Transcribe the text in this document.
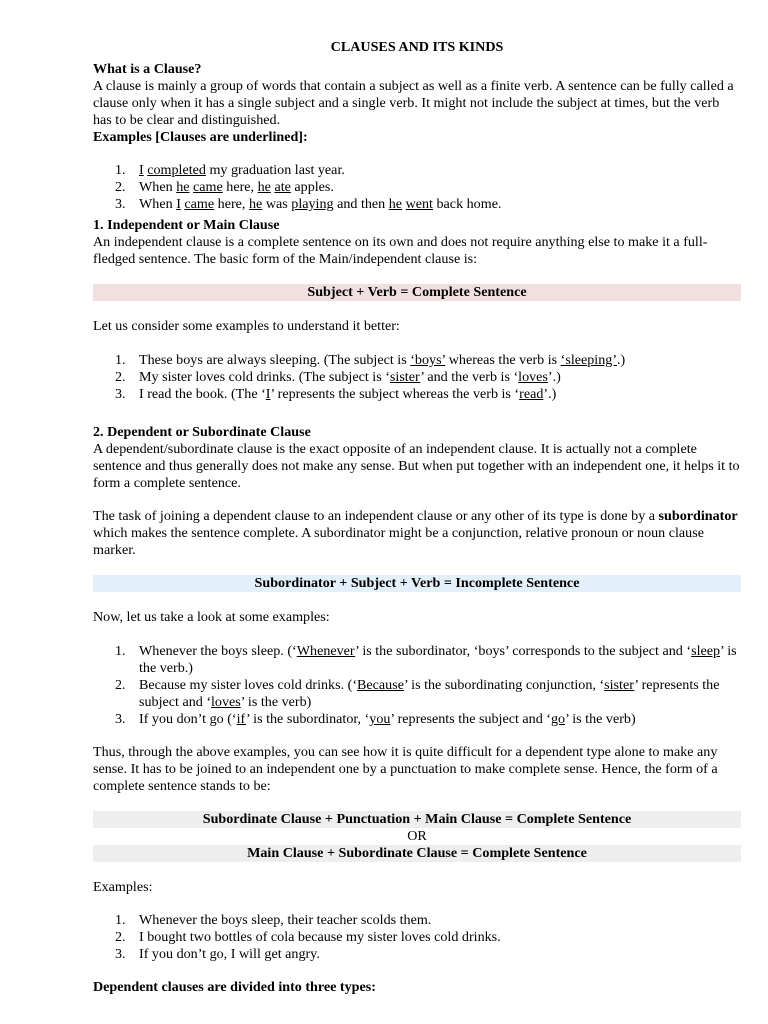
CLAUSES AND ITS KINDS
What is a Clause?

A clause is mainly a group of words that contain a subject as well as a finite verb. A sentence can be fully called a clause only when it has a single subject and a single verb. It might not include the subject at times, but the verb has to be clear and distinguished.

Examples [Clauses are underlined]:
1. I completed my graduation last year.
2. When he came here, he ate apples.
3. When I came here, he was playing and then he went back home.
1. Independent or Main Clause

An independent clause is a complete sentence on its own and does not require anything else to make it a full-fledged sentence. The basic form of the Main/independent clause is:

Subject + Verb = Complete Sentence
Let us consider some examples to understand it better:
1. These boys are always sleeping. (The subject is ‘boys’ whereas the verb is ‘sleeping’.)
2. My sister loves cold drinks. (The subject is ‘sister’ and the verb is ‘loves’.)
3. I read the book. (The ‘I’ represents the subject whereas the verb is ‘read’.)
2. Dependent or Subordinate Clause

A dependent/subordinate clause is the exact opposite of an independent clause. It is actually not a complete sentence and thus generally does not make any sense. But when put together with an independent one, it helps it to form a complete sentence.

The task of joining a dependent clause to an independent clause or any other of its type is done by a subordinator which makes the sentence complete. A subordinator might be a conjunction, relative pronoun or noun clause marker.

Subordinator + Subject + Verb = Incomplete Sentence
Now, let us take a look at some examples:
1. Whenever the boys sleep. (‘Whenever’ is the subordinator, ‘boys’ corresponds to the subject and ‘sleep’ is the verb.)
2. Because my sister loves cold drinks. (‘Because’ is the subordinating conjunction, ‘sister’ represents the subject and ‘loves’ is the verb)
3. If you don’t go (‘if’ is the subordinator, ‘you’ represents the subject and ‘go’ is the verb)

Thus, through the above examples, you can see how it is quite difficult for a dependent type alone to make any sense. It has to be joined to an independent one by a punctuation to make complete sense. Hence, the form of a complete sentence stands to be:

Subordinate Clause + Punctuation + Main Clause = Complete Sentence
OR
Main Clause + Subordinate Clause = Complete Sentence
Examples:
1. Whenever the boys sleep, their teacher scolds them.
2. I bought two bottles of cola because my sister loves cold drinks.
3. If you don’t go, I will get angry.
Dependent clauses are divided into three types:
